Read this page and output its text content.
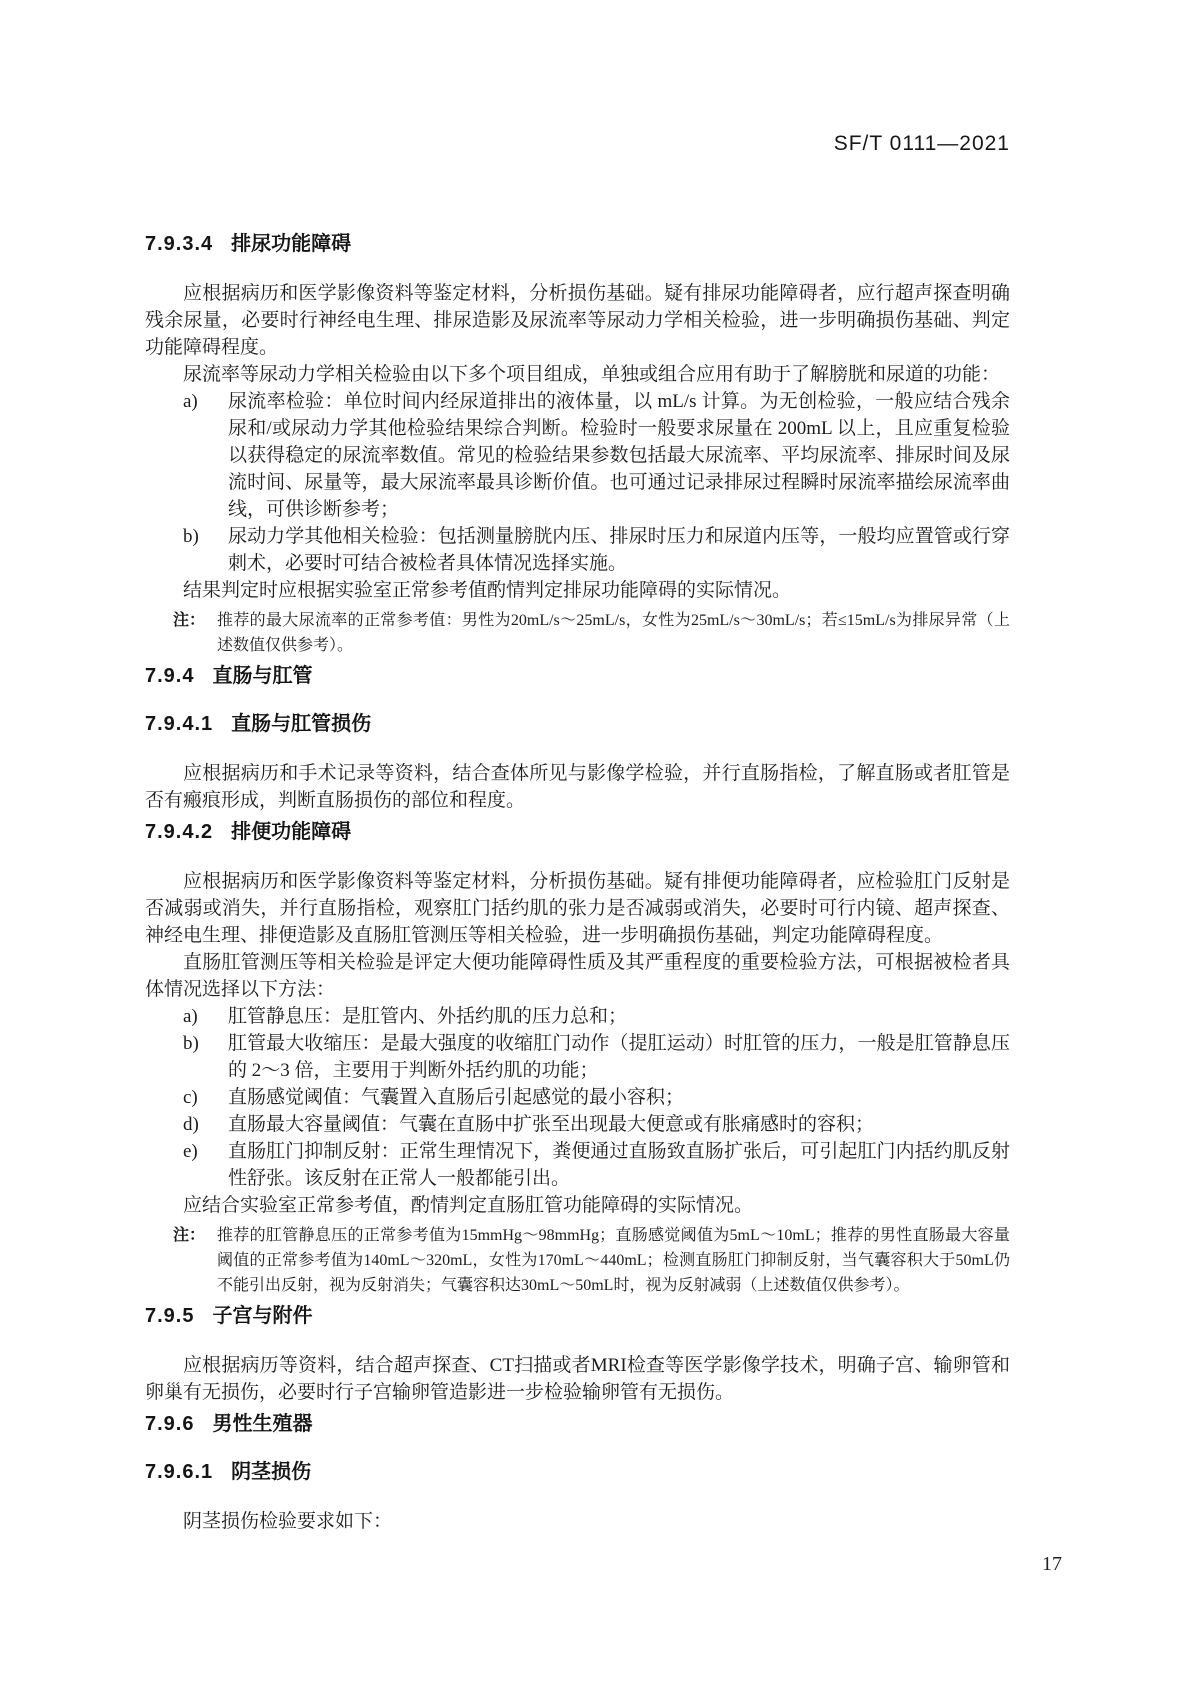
SF/T 0111—2021
7.9.3.4 排尿功能障碍

应根据病历和医学影像资料等鉴定材料，分析损伤基础。疑有排尿功能障碍者，应行超声探查明确残余尿量，必要时行神经电生理、排尿造影及尿流率等尿动力学相关检验，进一步明确损伤基础、判定功能障碍程度。

尿流率等尿动力学相关检验由以下多个项目组成，单独或组合应用有助于了解膀胱和尿道的功能：

a)	尿流率检验：单位时间内经尿道排出的液体量，以 mL/s 计算。为无创检验，一般应结合残余尿和/或尿动力学其他检验结果综合判断。检验时一般要求尿量在 200mL 以上，且应重复检验以获得稳定的尿流率数值。常见的检验结果参数包括最大尿流率、平均尿流率、排尿时间及尿流时间、尿量等，最大尿流率最具诊断价值。也可通过记录排尿过程瞬时尿流率描绘尿流率曲线，可供诊断参考；
b)	尿动力学其他相关检验：包括测量膀胱内压、排尿时压力和尿道内压等，一般均应置管或行穿刺术，必要时可结合被检者具体情况选择实施。

结果判定时应根据实验室正常参考值酌情判定排尿功能障碍的实际情况。

注： 推荐的最大尿流率的正常参考值：男性为20mL/s～25mL/s，女性为25mL/s～30mL/s；若≤15mL/s为排尿异常（上述数值仅供参考）。
7.9.4 直肠与肛管
7.9.4.1 直肠与肛管损伤

应根据病历和手术记录等资料，结合查体所见与影像学检验，并行直肠指检，了解直肠或者肛管是否有瘢痕形成，判断直肠损伤的部位和程度。

7.9.4.2 排便功能障碍

应根据病历和医学影像资料等鉴定材料，分析损伤基础。疑有排便功能障碍者，应检验肛门反射是否减弱或消失，并行直肠指检，观察肛门括约肌的张力是否减弱或消失，必要时可行内镜、超声探查、神经电生理、排便造影及直肠肛管测压等相关检验，进一步明确损伤基础，判定功能障碍程度。

直肠肛管测压等相关检验是评定大便功能障碍性质及其严重程度的重要检验方法，可根据被检者具体情况选择以下方法：

a)	肛管静息压：是肛管内、外括约肌的压力总和；
b)	肛管最大收缩压：是最大强度的收缩肛门动作（提肛运动）时肛管的压力，一般是肛管静息压的 2～3 倍，主要用于判断外括约肌的功能；
c)	直肠感觉阈值：气囊置入直肠后引起感觉的最小容积；
d)	直肠最大容量阈值：气囊在直肠中扩张至出现最大便意或有胀痛感时的容积；
e)	直肠肛门抑制反射：正常生理情况下，粪便通过直肠致直肠扩张后，可引起肛门内括约肌反射性舒张。该反射在正常人一般都能引出。

应结合实验室正常参考值，酌情判定直肠肛管功能障碍的实际情况。

注： 推荐的肛管静息压的正常参考值为15mmHg～98mmHg；直肠感觉阈值为5mL～10mL；推荐的男性直肠最大容量阈值的正常参考值为140mL～320mL，女性为170mL～440mL；检测直肠肛门抑制反射，当气囊容积大于50mL仍不能引出反射，视为反射消失；气囊容积达30mL～50mL时，视为反射减弱（上述数值仅供参考）。
7.9.5 子宫与附件

应根据病历等资料，结合超声探查、CT扫描或者MRI检查等医学影像学技术，明确子宫、输卵管和卵巢有无损伤，必要时行子宫输卵管造影进一步检验输卵管有无损伤。

7.9.6 男性生殖器
7.9.6.1 阴茎损伤

阴茎损伤检验要求如下：

17
